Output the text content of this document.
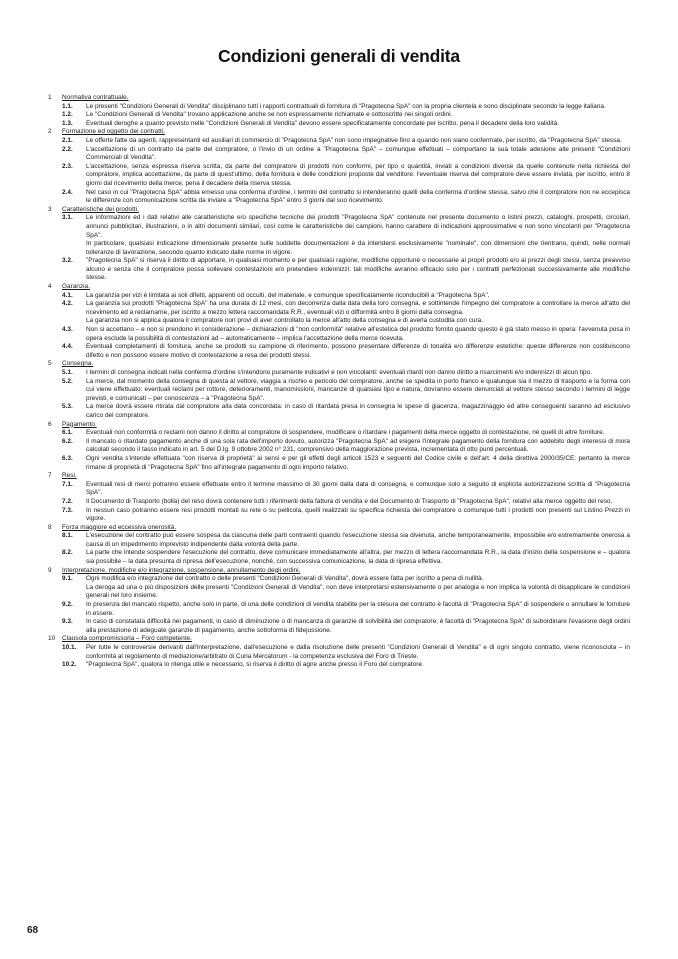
Condizioni generali di vendita
1	Normativa contrattuale.
1.1.	Le presenti "Condizioni Generali di Vendita" disciplinano tutti i rapporti contrattuali di fornitura di "Pragotecna SpA" con la propria clientela e sono disciplinate secondo la legge italiana.

1.2.	Le "Condizioni Generali di Vendita" trovano applicazione anche se non espressamente richiamate e sottoscritte nei singoli ordini.

1.3.	Eventuali deroghe a quanto previsto nelle "Condizioni Generali di Vendita" devono essere specificatamente concordate per iscritto, pena il decadere della loro validità.

2	Formazione ed oggetto dei contratti.
2.1.	Le offerte fatte da agenti, rappresentanti ed ausiliari di commercio di "Pragotecna SpA" non sono impegnative fino a quando non siano confermate, per iscritto, da "Pragotecna SpA" stessa.

2.2.	L'accettazione di un contratto da parte del compratore, o l'invio di un ordine a "Pragotecna SpA" – comunque effettuati – comportano la sua totale adesione alle presenti "Condizioni Commerciali di Vendita".

2.3.	L'accettazione, senza espressa riserva scritta, da parte del compratore di prodotti non conformi, per tipo o quantità, inviati a condizioni diverse da quelle contenute nella richiesta del compratore, implica accettazione, da parte di quest'ultimo, della fornitura e delle condizioni proposte dal venditore: l'eventuale riserva del compratore deve essere inviata, per iscritto, entro 8 giorni dal ricevimento della merce, pena il decadere della riserva stessa.

2.4.	Nel caso in cui "Pragotecna SpA" abbia emesso una conferma d'ordine, i termini del contratto si intenderanno quelli della conferma d'ordine stessa, salvo che il compratore non ne eccepisca le differenze con comunicazione scritta da inviare a "Pragotecna SpA" entro 3 giorni dal suo ricevimento.

3	Caratteristiche dei prodotti.
3.1.	Le informazioni ed i dati relativi alle caratteristiche e/o specifiche tecniche dei prodotti "Pragotecna SpA" contenute nel presente documento o listini prezzi, cataloghi, prospetti, circolari, annunci pubblicitari, illustrazioni, o in altri documenti similari, così come le caratteristiche dei campioni, hanno carattere di indicazioni approssimative e non sono vincolanti per "Pragotecna SpA".

In particolare, qualsiasi indicazione dimensionale presente sulle suddette documentazioni è da intendersi esclusivamente "nominale", con dimensioni che rientrano, quindi, nelle normali tolleranze di lavorazione, secondo quanto indicato dalle norme in vigore.

3.2.	"Pragotecna SpA" si riserva il diritto di apportare, in qualsiasi momento e per qualsiasi ragione, modifiche opportune o necessarie ai propri prodotti e/o ai prezzi degli stessi, senza preavviso alcuno e senza che il compratore possa sollevare contestazioni e/o pretendere indennizzi: tali modifiche avranno efficacio solo per i contratti perfezionati successivamente alle modifiche stesse.

4	Garanzia.
4.1.	La garanzia per vizi è limitata ai soli difetti, apparenti od occulti, del materiale, e comunque specificatamente riconducibili a "Pragotecna SpA".

4.2.	La garanzia sui prodotti "Pragotecna SpA" ha una durata di 12 mesi, con decorrenza dalla data della loro consegna, e sottintende l'impegno del compratore a controllare la merce all'atto del ricevimento ed a reclamarne, per iscritto a mezzo lettera raccomandata R.R., eventuali vizi o difformità entro 8 giorni dalla consegna.

La garanzia non si applica qualora il compratore non provi di aver controllato la merce all'atto della consegna e di averla custodita con cura.

4.3.	Non si accettano – e non si prendono in considerazione – dichiarazioni di "non conformità" relative all'estetica del prodotto fornito quando questo è già stato messo in opera: l'avvenuta posa in opera esclude la possibilità di contestazioni ad – automaticamente – implica l'accettazione della merce ricevuta.

4.4.	Eventuali completamenti di fornitura, anche se prodotti su campione di riferimento, possono presentare differenze di tonalità e/o differenze estetiche: queste differenze non costituiscono difetto e non possono essere motivo di contestazione a resa dei prodotti stessi.

5	Consegna.
5.1.	I termini di consegna indicati nella conferma d'ordine s'intendono puramente indicativi e non vincolanti: eventuali ritardi non danno diritto a risarcimenti e/o indennizzi di alcun tipo.

5.2.	La merce, dal momento della consegna di questa al vettore, viaggia a rischio e pericolo del compratore, anche se spedita in porto franco e qualunque sia il mezzo di trasporto e la forma con cui viene effettuato: eventuali reclami per rotture, deterioramenti, manomissioni, mancanze di qualsiasi tipo e natura, dovranno essere denunciati al vettore stesso secondo i termini di legge previsti, e comunicati – per conoscenza – a "Pragotecna SpA".

5.3.	La merce dovrà essere ritirata dal compratore alla data concordata: in caso di ritardata presa in consegna le spese di giacenza, magazzinaggio ed altre conseguenti saranno ad esclusivo carico del compratore.

6	Pagamento.
6.1.	Eventuali non conformità o reclami non danno il diritto al compratore di sospendere, modificare o ritardare i pagamenti della merce oggetto di contestazione, né quelli di altre forniture.

6.2.	Il mancato o ritardato pagamento anche di una sola rata dell'importo dovuto, autorizza "Pragotecna SpA" ad esigere l'integrale pagamento della fornitura con addebito degli interessi di mora calcolati secondo il tasso indicato in art. 5 del D.lg. 9 ottobre 2002 n° 231, comprensivo della maggiorazione prevista, incrementata di otto punti percentuali.

6.3.	Ogni vendita s'intende effettuata "con riserva di proprietà" ai sensi e per gli effetti degli articoli 1523 e seguenti del Codice civile e dell'art. 4 della direttiva 2000/35/CE: pertanto la merce rimane di proprietà di "Pragotecna SpA" fino all'integrale pagamento di ogni importo relativo.

7	Resi.
7.1.	Eventuali resi di merci potranno essere effettuate entro il termine massimo di 30 giorni dalla data di consegna, e comunque solo a seguito di esplicita autorizzazione scritta di "Pragotecna SpA".

7.2.	Il Documento di Trasporto (bolla) del reso dovrà contenere tutti i riferimenti della fattura di vendita e del Documento di Trasporto di "Pragotecna SpA", relativi alla merce oggetto del reso.

7.3.	In nessun caso potranno essere resi prodotti montati su rete o su pellicola, quelli realizzati su specifica richiesta del compratore o comunque tutti i prodotti non presenti sul Listino Prezzi in vigore.

8	Forza maggiore ed eccessiva onerosità.
8.1.	L'esecuzione del contratto può essere sospesa da ciascuna delle parti contraenti quando l'esecuzione stessa sia divenuta, anche temporaneamente, impossibile e/o estremamente onerosa a causa di un impedimento imprevisto indipendente dalla volontà della parte.

8.2.	La parte che intende sospendere l'esecuzione del contratto, deve comunicare immediatamente all'altra, per mezzo di lettera raccomandata R.R., la data d'inizio della sospensione e – qualora sia possibile – la data presunta di ripresa dell'esecuzione, nonché, con successiva comunicazione, la data di ripresa effettiva.

9	Interpretazione, modifiche e/o integrazione, sospensione, annullamento degli ordini.
9.1.	Ogni modifica e/o integrazione del contratto o delle presenti "Condizioni Generali di Vendita", dovrà essere fatta per iscritto a pena di nullità.

La deroga ad una o più disposizioni delle presenti "Condizioni Generali di Vendita", non deve interpretarsi estensivamente o per analogia e non implica la volontà di disapplicare le condizioni generali nel loro insieme.

9.2.	In presenza del mancato rispetto, anche solo in parte, di una delle condizioni di vendita stabilite per la stesura del contratto è facoltà di "Pragotecna SpA" di sospendere o annullare le forniture in essere.

9.3.	In caso di constatata difficoltà nei pagamenti, in caso di diminuzione o di mancanza di garanzie di solvibilità del compratore, è facoltà di "Pragotecna SpA" di subordinare l'evasione degli ordini alla prestazione di adeguate garanzie di pagamento, anche sottoforma di fidejussione.

10	Clausola compromissoria – Foro competente.
10.1.	Per tutte le controversie derivanti dall'interpretazione, dall'esecuzione e dalla risoluzione delle presenti "Condizioni Generali di Vendita" e di ogni singolo contratto, viene riconosciuta – in conformità al regolamento di mediazione/arbitrato di Curia Mercatorum - la competenza esclusiva del Foro di Trieste.

10.2.	"Pragotecna SpA", qualora lo ritenga utile e necessario, si riserva il diritto di agire anche presso il Foro del compratore.

68
